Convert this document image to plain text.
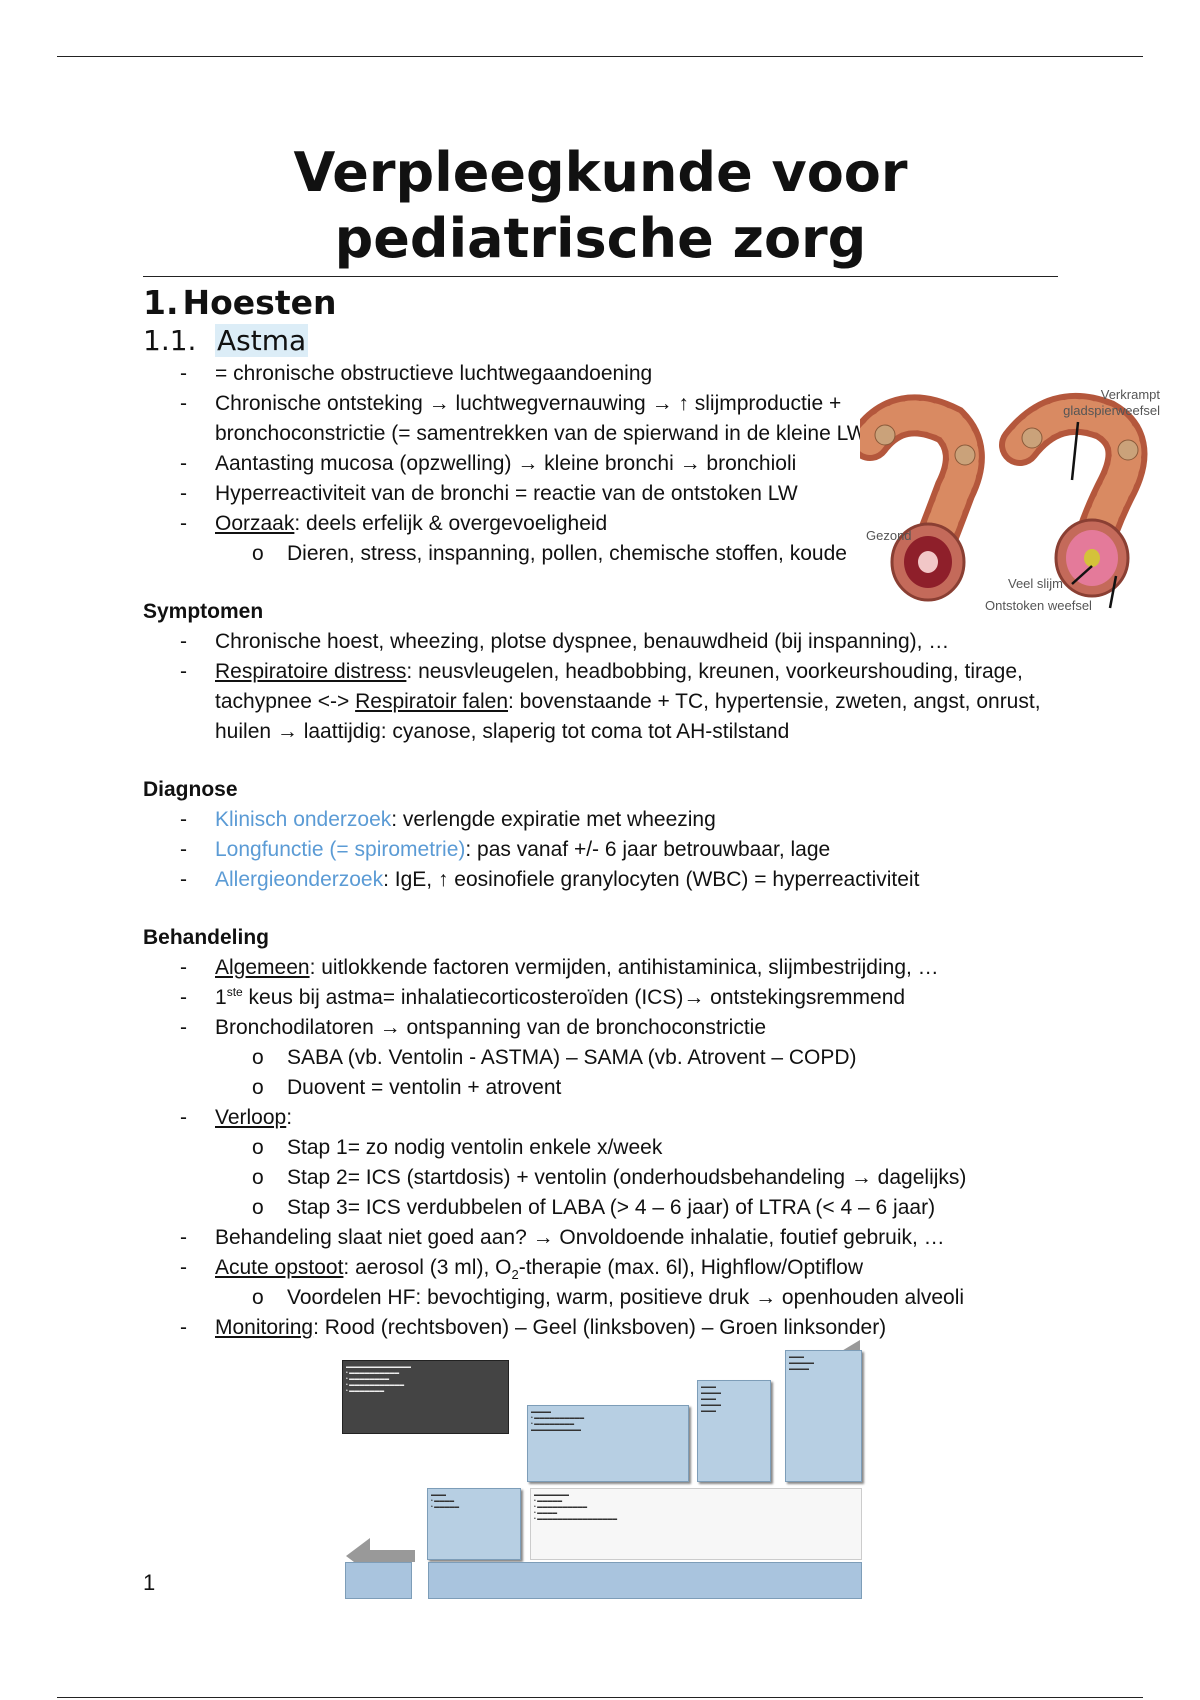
Verpleegkunde voor pediatrische zorg
1. Hoesten
1.1. Astma
- = chronische obstructieve luchtwegaandoening
- Chronische ontsteking → luchtwegvernauwing → ↑ slijmproductie + bronchoconstrictie (= samentrekken van de spierwand in de kleine LW)
- Aantasting mucosa (opzwelling) → kleine bronchi → bronchioli
- Hyperreactiviteit van de bronchi = reactie van de ontstoken LW
- Oorzaak: deels erfelijk & overgevoeligheid
o Dieren, stress, inspanning, pollen, chemische stoffen, koude
Symptomen
- Chronische hoest, wheezing, plotse dyspnee, benauwdheid (bij inspanning), …
- Respiratoire distress: neusvleugelen, headbobbing, kreunen, voorkeurshouding, tirage, tachypnee <-> Respiratoir falen: bovenstaande + TC, hypertensie, zweten, angst, onrust, huilen → laattijdig: cyanose, slaperig tot coma tot AH-stilstand
Diagnose
- Klinisch onderzoek: verlengde expiratie met wheezing
- Longfunctie (= spirometrie): pas vanaf +/- 6 jaar betrouwbaar, lage
- Allergieonderzoek: IgE, ↑ eosinofiele granylocyten (WBC) = hyperreactiviteit
Behandeling
- Algemeen: uitlokkende factoren vermijden, antihistaminica, slijmbestrijding, …
- 1ste keus bij astma= inhalatiecorticosteroïden (ICS)→ ontstekingsremmend
- Bronchodilatoren → ontspanning van de bronchoconstrictie
o SABA (vb. Ventolin - ASTMA) – SAMA (vb. Atrovent – COPD)
o Duovent = ventolin + atrovent
- Verloop:
o Stap 1= zo nodig ventolin enkele x/week
o Stap 2= ICS (startdosis) + ventolin (onderhoudsbehandeling → dagelijks)
o Stap 3= ICS verdubbelen of LABA (> 4 – 6 jaar) of LTRA (< 4 – 6 jaar)
- Behandeling slaat niet goed aan? → Onvoldoende inhalatie, foutief gebruik, …
- Acute opstoot: aerosol (3 ml), $O_2$-therapie (max. 6l), Highflow/Optiflow
o Voordelen HF: bevochtiging, warm, positieve druk → openhouden alveoli
- Monitoring: Rood (rechtsboven) – Geel (linksboven) – Groen linksonder)
Verkrampt
gladspierweefsel
Gezond
Veel slijm
Ontstoken weefsel
▬▬▬▬▬▬▬▬▬▬▬▬▬
• ▬▬▬▬▬▬▬▬▬▬
• ▬▬▬▬▬▬▬▬
• ▬▬▬▬▬▬▬▬▬▬▬
• ▬▬▬▬▬▬▬
▬▬▬▬
• ▬▬▬▬▬▬▬▬▬▬
• ▬▬▬▬▬▬▬▬
▬▬▬▬▬▬▬▬▬▬
▬▬▬
▬▬▬▬
▬▬▬
▬▬▬▬
▬▬▬
▬▬▬
▬▬▬▬▬
▬▬▬▬
▬▬▬
• ▬▬▬▬
• ▬▬▬▬▬
▬▬▬▬▬▬▬
• ▬▬▬▬▬
• ▬▬▬▬▬▬▬▬▬▬
• ▬▬▬▬
• ▬▬▬▬▬▬▬▬▬▬▬▬▬▬▬▬
1
